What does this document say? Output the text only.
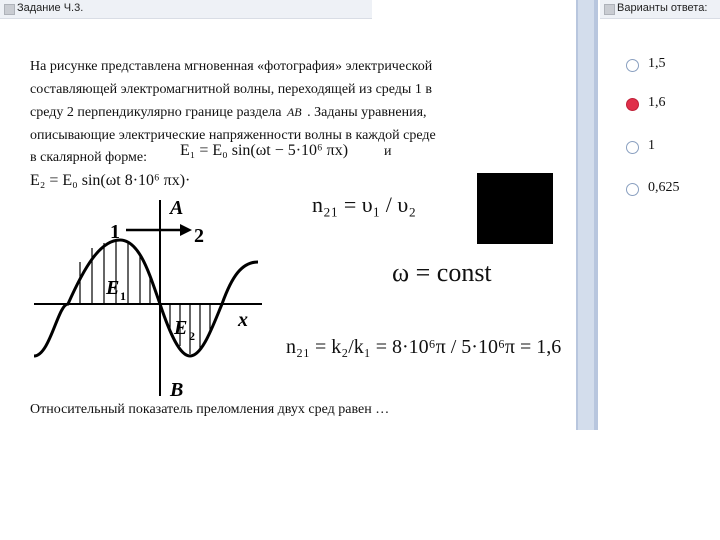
Задание Ч.3.	Варианты ответа:
На рисунке представлена мгновенная «фотография» электрической
составляющей электромагнитной волны, переходящей из среды 1 в
среду 2 перпендикулярно границе раздела AB . Заданы уравнения,
описывающие электрические напряженности волны в каждой среде
в скалярной форме:	E₁ = E₀ sin(ωt − 5·10⁶ πx)	и
E₂ = E₀ sin(ωt 8·10⁶ πx)·
1	2
A
B
E 1
E 2
x
n₂₁ = υ₁ / υ₂
ω = const
n₂₁ = k₂/k₁ = 8·10⁶π / 5·10⁶π = 1,6
Относительный показатель преломления двух сред равен …
1,5
1,6
1
0,625
